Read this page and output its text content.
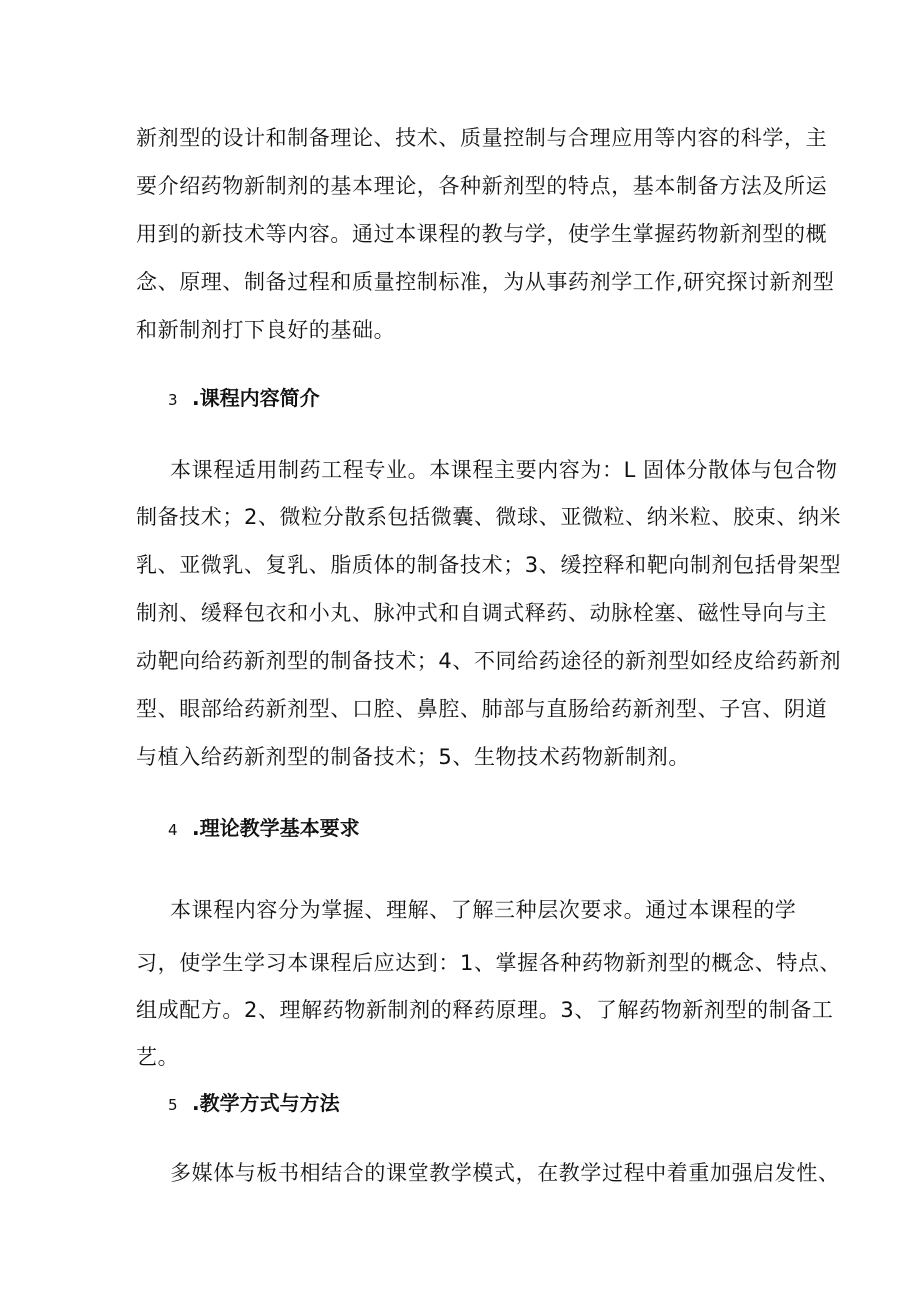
新剂型的设计和制备理论、技术、质量控制与合理应用等内容的科学，主
要介绍药物新制剂的基本理论，各种新剂型的特点，基本制备方法及所运
用到的新技术等内容。通过本课程的教与学，使学生掌握药物新剂型的概
念、原理、制备过程和质量控制标准，为从事药剂学工作,研究探讨新剂型
和新制剂打下良好的基础。
3 .课程内容简介
本课程适用制药工程专业。本课程主要内容为：L 固体分散体与包合物
制备技术；2、微粒分散系包括微囊、微球、亚微粒、纳米粒、胶束、纳米
乳、亚微乳、复乳、脂质体的制备技术；3、缓控释和靶向制剂包括骨架型
制剂、缓释包衣和小丸、脉冲式和自调式释药、动脉栓塞、磁性导向与主
动靶向给药新剂型的制备技术；4、不同给药途径的新剂型如经皮给药新剂
型、眼部给药新剂型、口腔、鼻腔、肺部与直肠给药新剂型、子宫、阴道
与植入给药新剂型的制备技术；5、生物技术药物新制剂。
4 .理论教学基本要求
本课程内容分为掌握、理解、了解三种层次要求。通过本课程的学
习，使学生学习本课程后应达到：1、掌握各种药物新剂型的概念、特点、
组成配方。2、理解药物新制剂的释药原理。3、了解药物新剂型的制备工
艺。
5 .教学方式与方法
多媒体与板书相结合的课堂教学模式，在教学过程中着重加强启发性、
